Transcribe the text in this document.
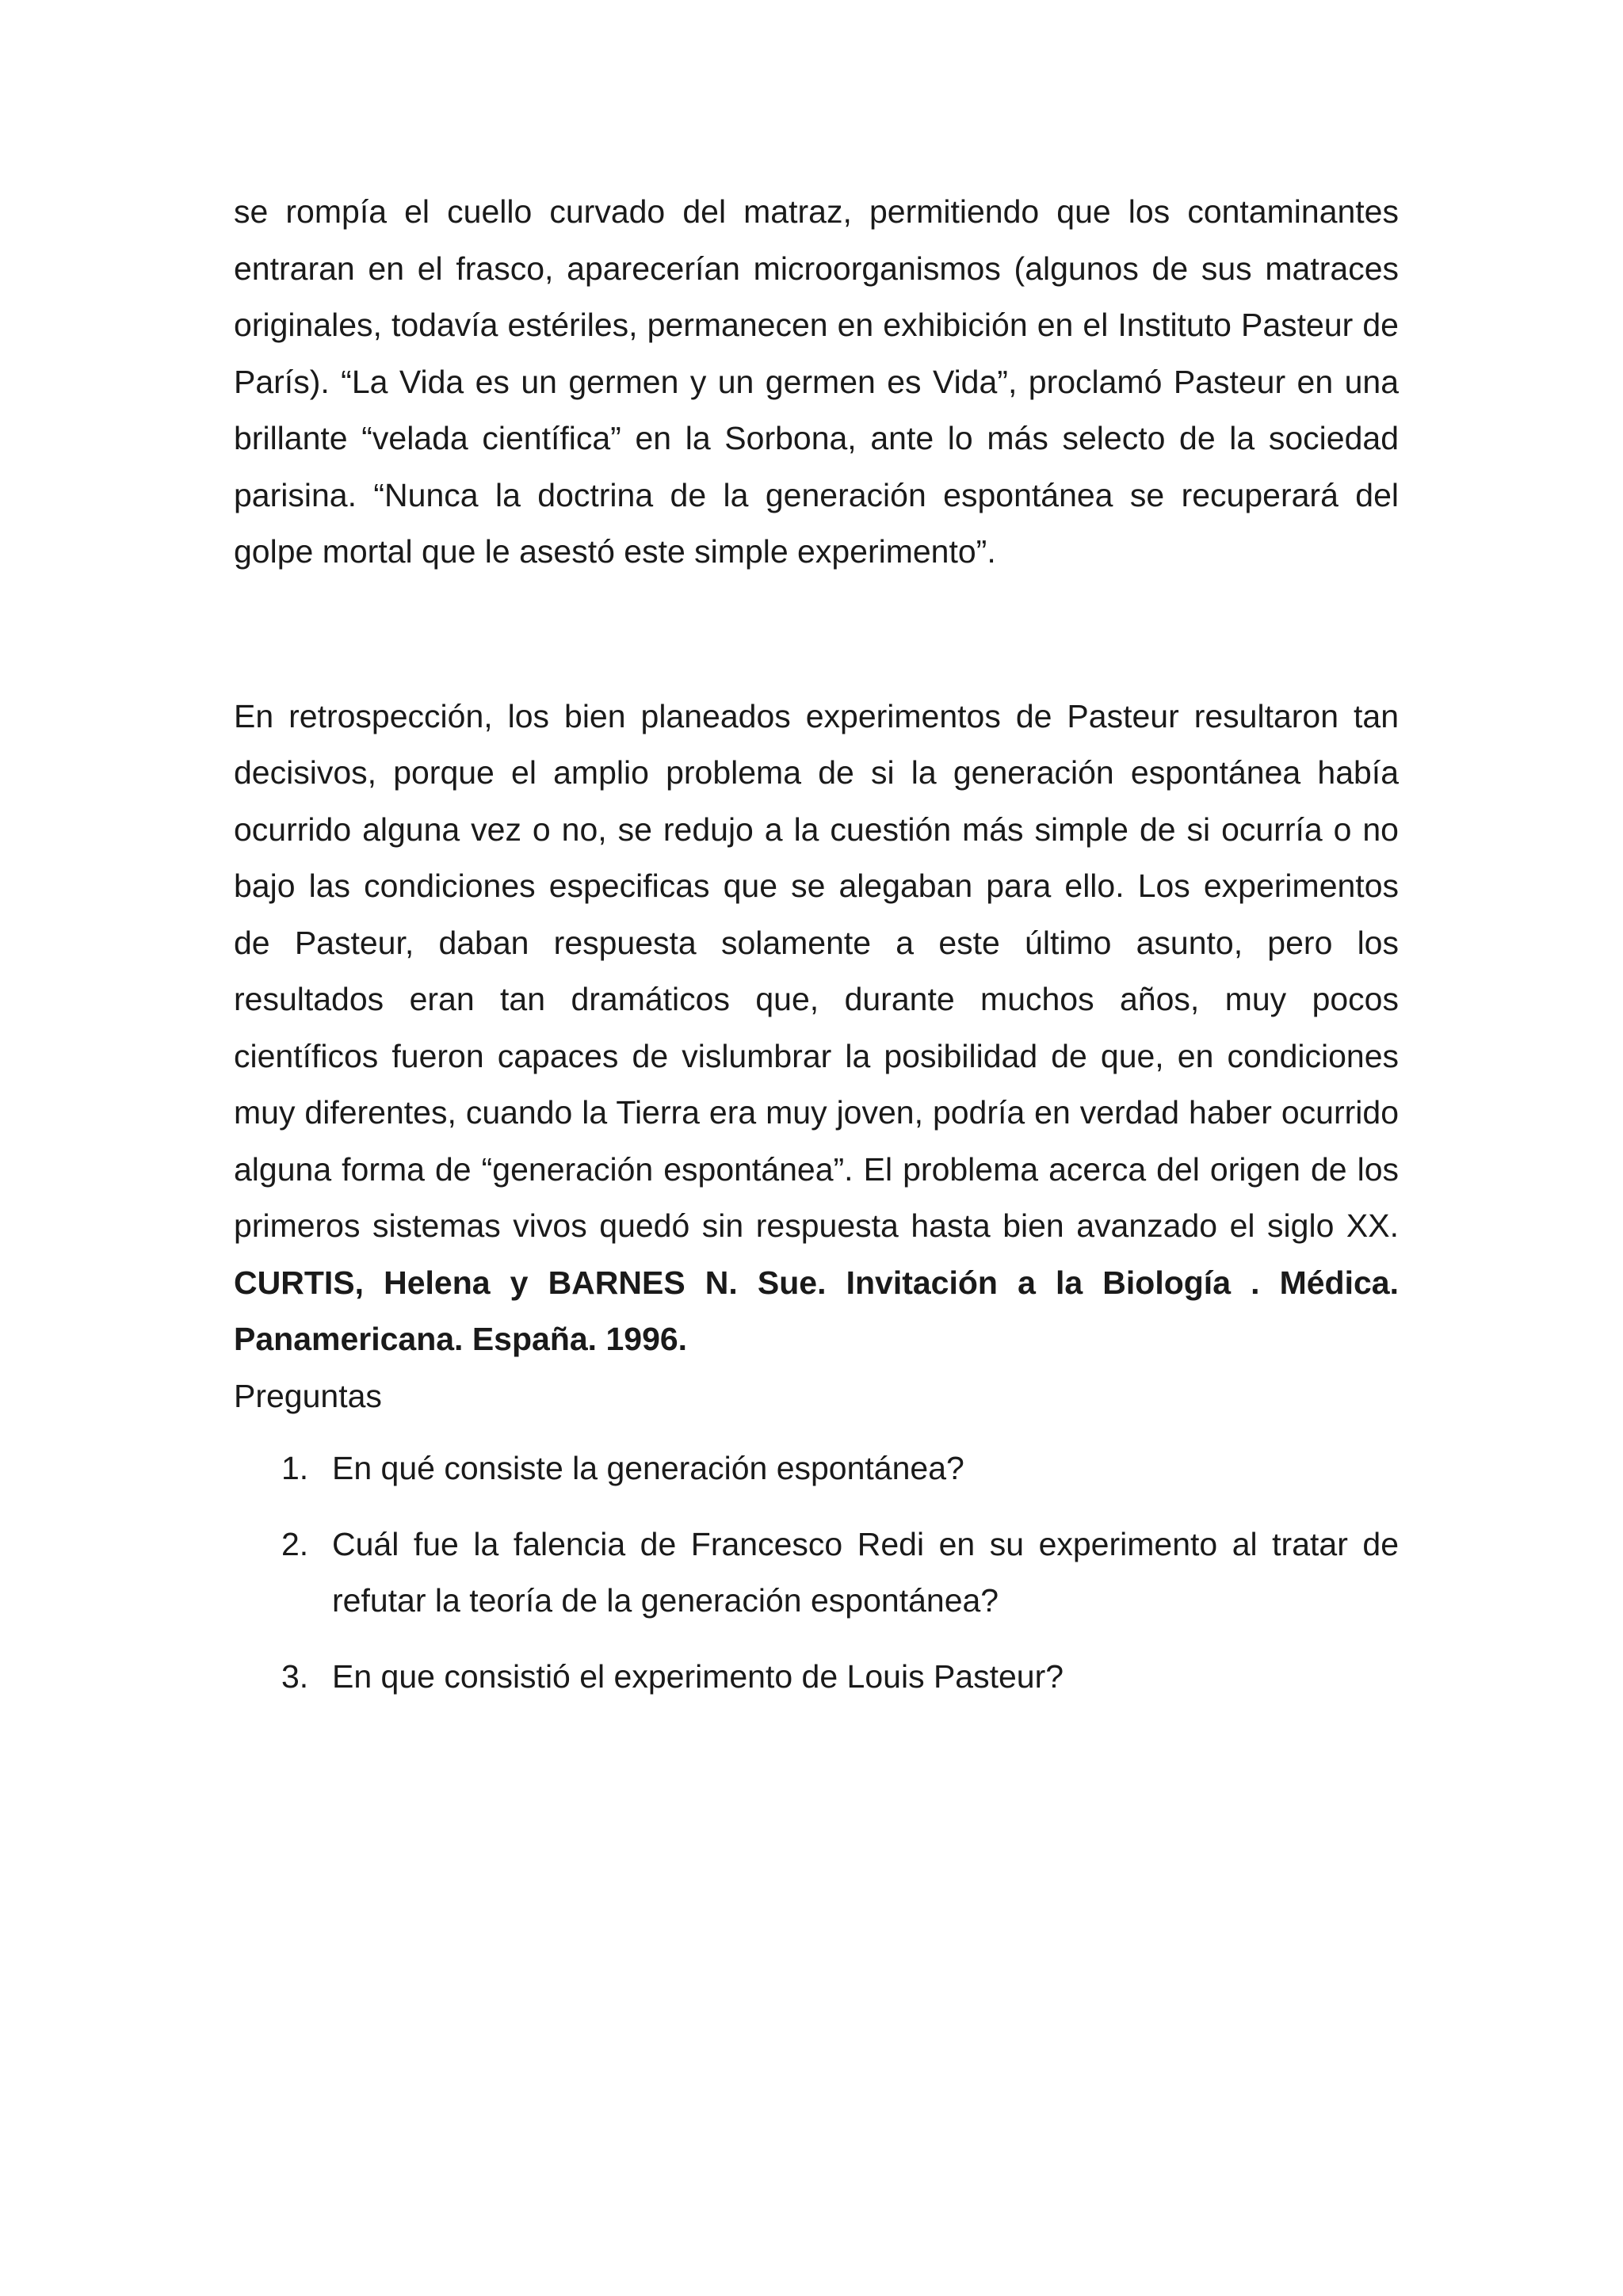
se rompía el cuello curvado del matraz, permitiendo que los contaminantes entraran en el frasco, aparecerían microorganismos (algunos de sus matraces originales, todavía estériles, permanecen en exhibición en el Instituto Pasteur de París). “La Vida es un germen y un germen es Vida”, proclamó Pasteur en una brillante “velada científica” en la Sorbona, ante lo más selecto de la sociedad parisina. “Nunca la doctrina de la generación espontánea se recuperará del golpe mortal que le asestó este simple experimento”.

En retrospección, los bien planeados experimentos de Pasteur resultaron tan decisivos, porque el amplio problema de si la generación espontánea había ocurrido alguna vez o no, se redujo a la cuestión más simple de si ocurría o no bajo las condiciones especificas que se alegaban para ello. Los experimentos de Pasteur, daban respuesta solamente a este último asunto, pero los resultados eran tan dramáticos que, durante muchos años, muy pocos científicos fueron capaces de vislumbrar la posibilidad de que, en condiciones muy diferentes, cuando la Tierra era muy joven, podría en verdad haber ocurrido alguna forma de “generación espontánea”. El problema acerca del origen de los primeros sistemas vivos quedó sin respuesta hasta bien avanzado el siglo XX. CURTIS, Helena y BARNES N. Sue. Invitación a la Biología . Médica. Panamericana. España. 1996.

Preguntas

1. En qué consiste la generación espontánea?
2. Cuál fue la falencia de Francesco Redi en su experimento al tratar de refutar la teoría de la generación espontánea?
3. En que consistió el experimento de Louis Pasteur?
